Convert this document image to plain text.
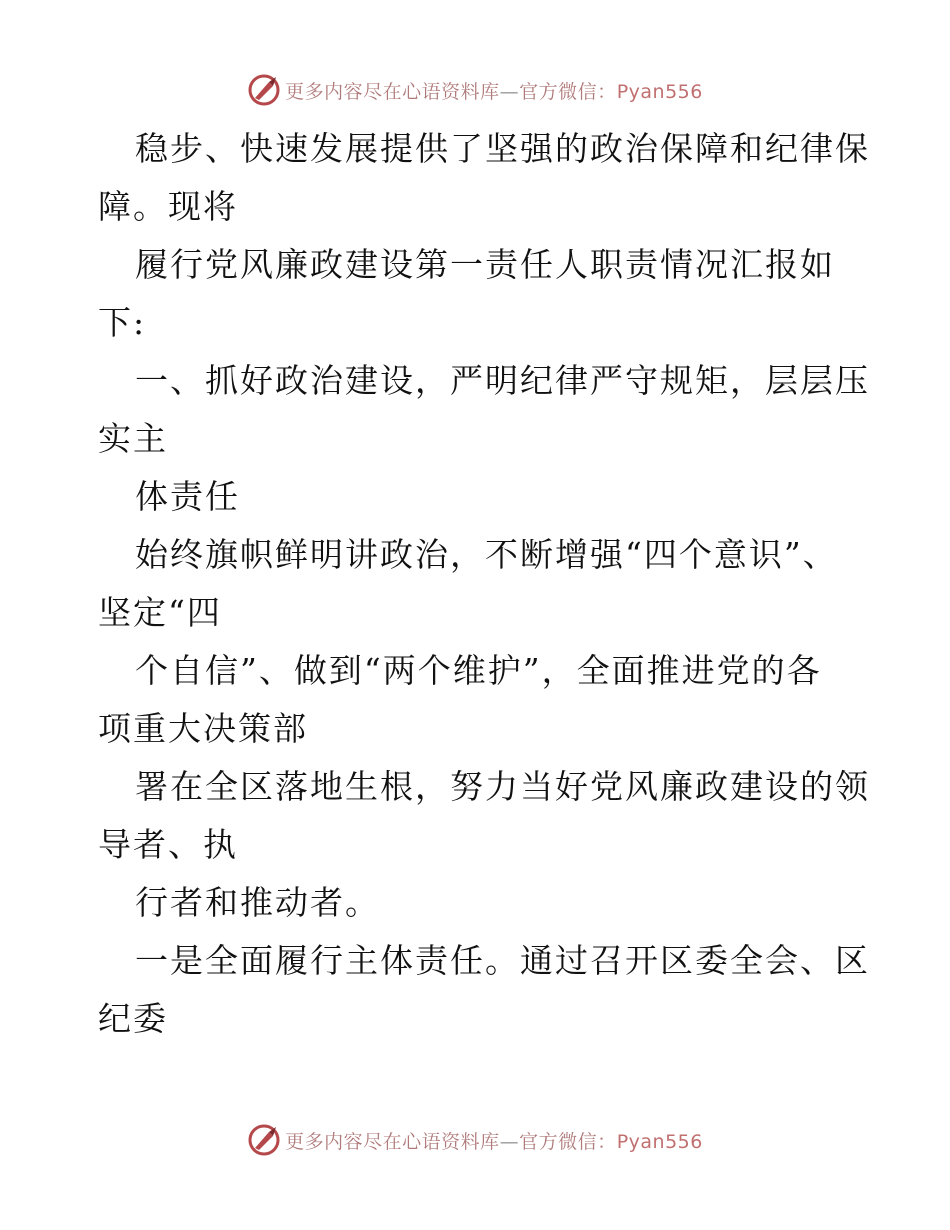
更多内容尽在心语资料库—官方微信：Pyan556
稳步、快速发展提供了坚强的政治保障和纪律保
障。现将
履行党风廉政建设第一责任人职责情况汇报如
下:
一、抓好政治建设，严明纪律严守规矩，层层压
实主
体责任
始终旗帜鲜明讲政治，不断增强“四个意识”、
坚定“四
个自信”、做到“两个维护”，全面推进党的各
项重大决策部
署在全区落地生根，努力当好党风廉政建设的领
导者、执
行者和推动者。
一是全面履行主体责任。通过召开区委全会、区
纪委
更多内容尽在心语资料库—官方微信：Pyan556
